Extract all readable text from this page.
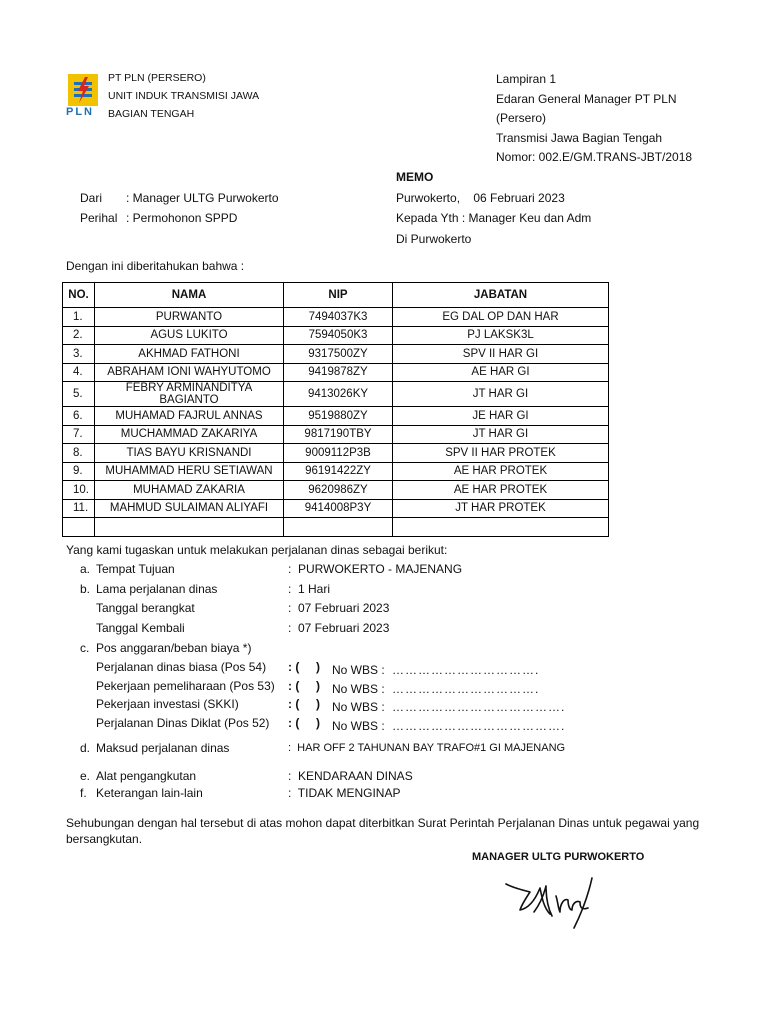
PLN
PT PLN (PERSERO)
UNIT INDUK TRANSMISI JAWA
BAGIAN TENGAH
Lampiran 1
Edaran General Manager PT PLN
(Persero)
Transmisi Jawa Bagian Tengah
Nomor: 002.E/GM.TRANS-JBT/2018
MEMO
Dari : Manager ULTG Purwokerto
Perihal : Permohonon SPPD
Purwokerto,    06 Februari 2023
Kepada Yth : Manager Keu dan Adm
Di Purwokerto
Dengan ini diberitahukan bahwa :
NO.	NAMA	NIP	JABATAN
1.	PURWANTO	7494037K3	EG DAL OP DAN HAR
2.	AGUS LUKITO	7594050K3	PJ LAKSK3L
3.	AKHMAD FATHONI	9317500ZY	SPV II HAR GI
4.	ABRAHAM IONI WAHYUTOMO	9419878ZY	AE HAR GI
5.	FEBRY ARMINANDITYA BAGIANTO	9413026KY	JT HAR GI
6.	MUHAMAD FAJRUL ANNAS	9519880ZY	JE HAR GI
7.	MUCHAMMAD ZAKARIYA	9817190TBY	JT HAR GI
8.	TIAS BAYU KRISNANDI	9009112P3B	SPV II HAR PROTEK
9.	MUHAMMAD HERU SETIAWAN	96191422ZY	AE HAR PROTEK
10.	MUHAMAD ZAKARIA	9620986ZY	AE HAR PROTEK
11.	MAHMUD SULAIMAN ALIYAFI	9414008P3Y	JT HAR PROTEK

Yang kami tugaskan untuk melakukan perjalanan dinas sebagai berikut:
a. Tempat Tujuan	:  PURWOKERTO - MAJENANG
b. Lama perjalanan dinas	:  1 Hari
Tanggal berangkat	:  07 Februari 2023
Tanggal Kembali	:  07 Februari 2023
c. Pos anggaran/beban biaya *)
Perjalanan dinas biasa (Pos 54) : (     ) No WBS : …………………………….
Pekerjaan pemeliharaan (Pos 53) : (     ) No WBS : …………………………….
Pekerjaan investasi (SKKI)	: (     ) No WBS : ………………………………….
Perjalanan Dinas Diklat (Pos 52) : (     ) No WBS : ………………………………….
d. Maksud perjalanan dinas	:  HAR OFF 2 TAHUNAN BAY TRAFO#1 GI MAJENANG
e. Alat pengangkutan	:  KENDARAAN DINAS
f. Keterangan lain-lain	:  TIDAK MENGINAP
Sehubungan dengan hal tersebut di atas mohon dapat diterbitkan Surat Perintah Perjalanan Dinas untuk pegawai yang
bersangkutan.
MANAGER ULTG PURWOKERTO
